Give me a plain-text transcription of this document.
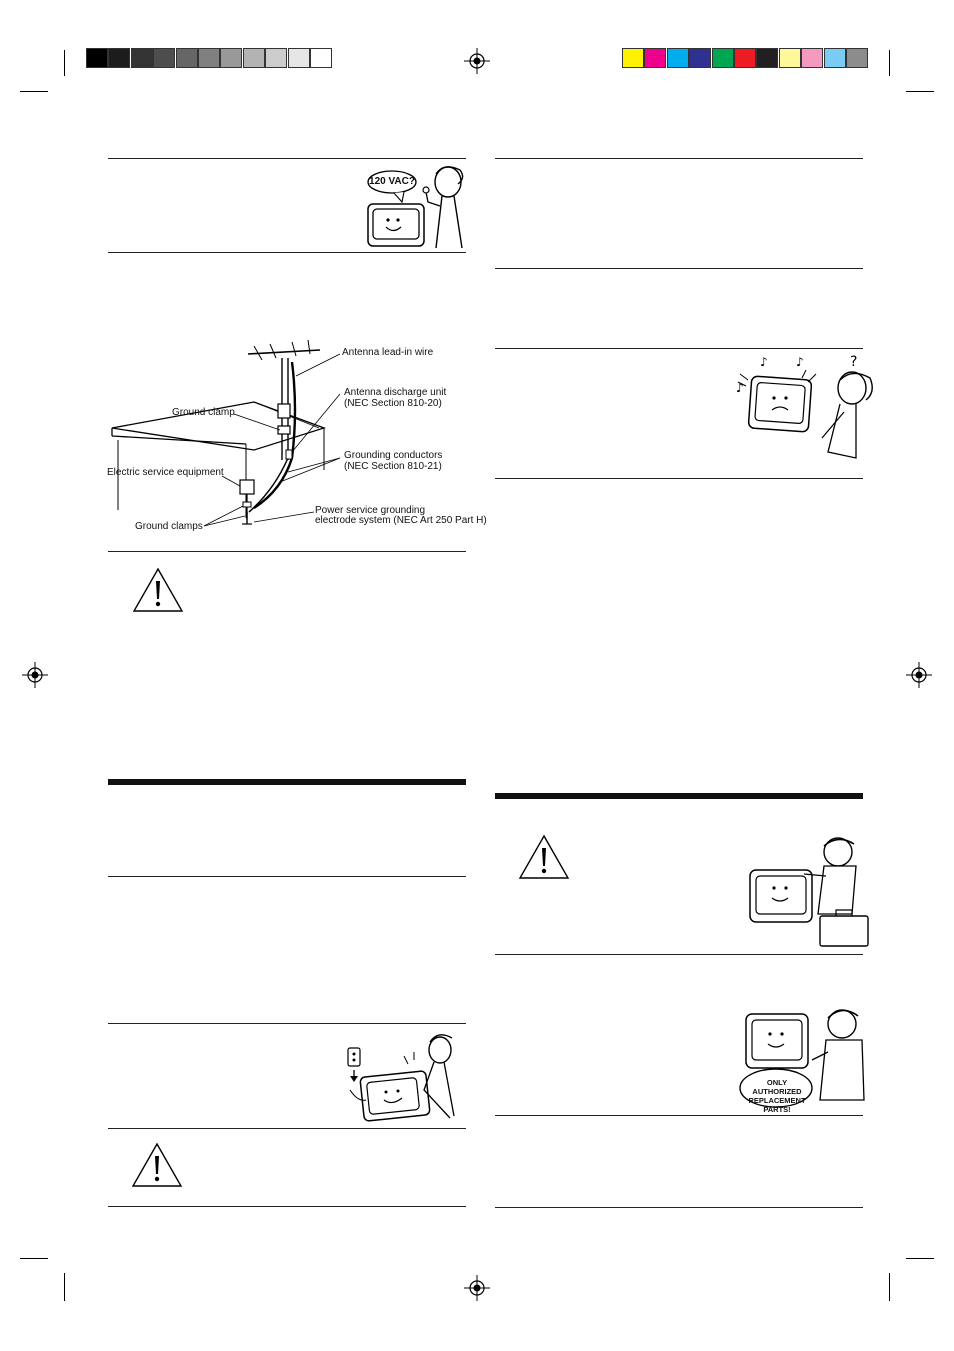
120 VAC?
Antenna lead-in wire
Antenna discharge unit
(NEC Section 810-20)
Ground clamp
Grounding conductors
(NEC Section 810-21)
Electric service equipment
Power service grounding
electrode system (NEC Art 250 Part H)
Ground clamps
♪
♪
♪	?
ONLY AUTHORIZED REPLACEMENT PARTS!
